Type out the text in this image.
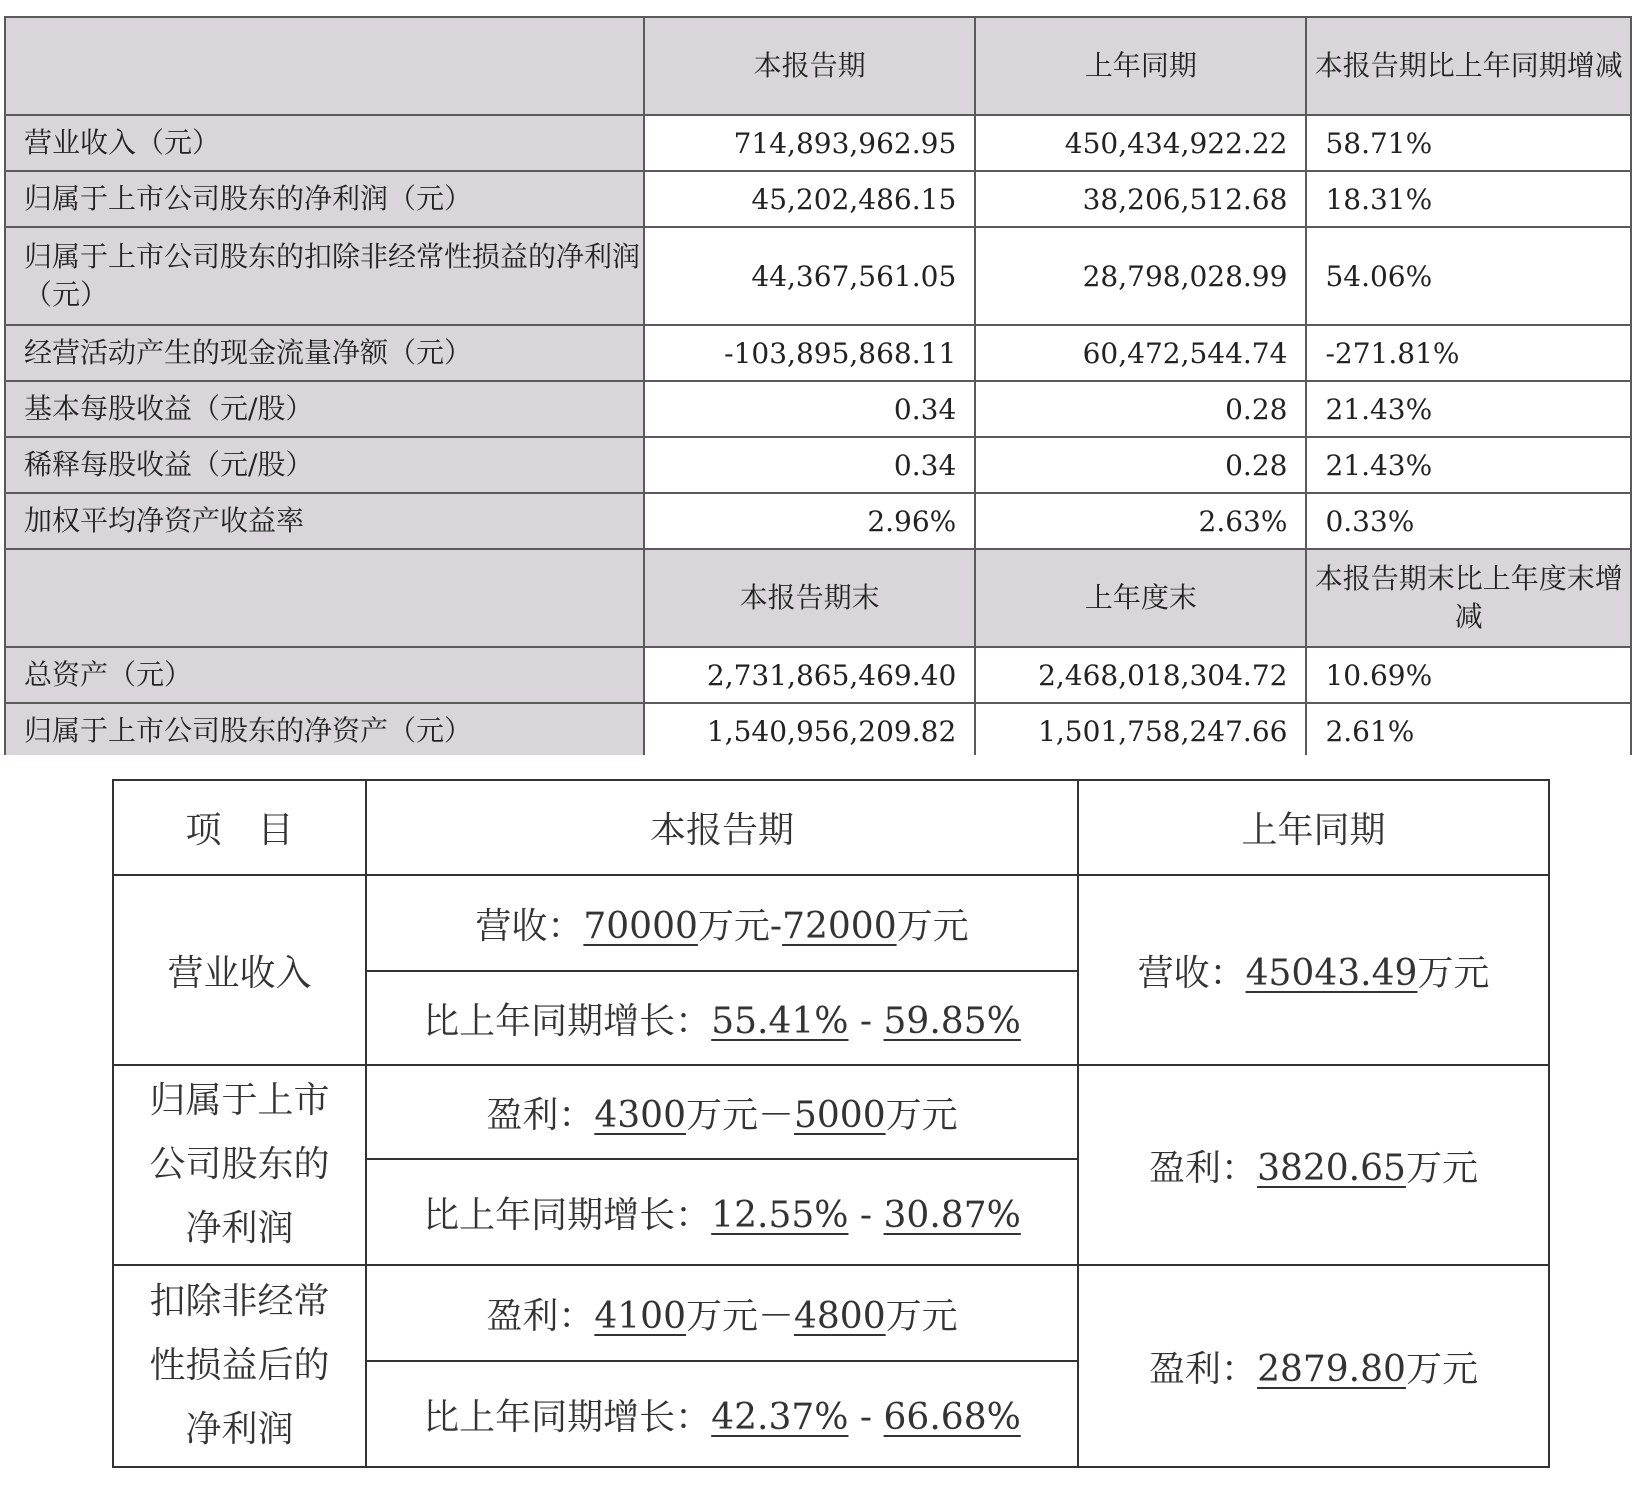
	本报告期	上年同期	本报告期比上年同期增减
营业收入（元）	714,893,962.95	450,434,922.22	58.71%
归属于上市公司股东的净利润（元）	45,202,486.15	38,206,512.68	18.31%
归属于上市公司股东的扣除非经常性损益的净利润（元）	44,367,561.05	28,798,028.99	54.06%
经营活动产生的现金流量净额（元）	-103,895,868.11	60,472,544.74	-271.81%
基本每股收益（元/股）	0.34	0.28	21.43%
稀释每股收益（元/股）	0.34	0.28	21.43%
加权平均净资产收益率	2.96%	2.63%	0.33%
	本报告期末	上年度末	本报告期末比上年度末增减
总资产（元）	2,731,865,469.40	2,468,018,304.72	10.69%
归属于上市公司股东的净资产（元）	1,540,956,209.82	1,501,758,247.66	2.61%
项　目	本报告期	上年同期
营业收入	营收：70000万元-72000万元	营收：45043.49万元
	比上年同期增长：55.41% - 59.85%	

归属于上市
公司股东的
净利润	盈利：4300万元－5000万元	盈利：3820.65万元
	比上年同期增长：12.55% - 30.87%	

扣除非经常
性损益后的
净利润	盈利：4100万元－4800万元	盈利：2879.80万元
	比上年同期增长：42.37% - 66.68%	
